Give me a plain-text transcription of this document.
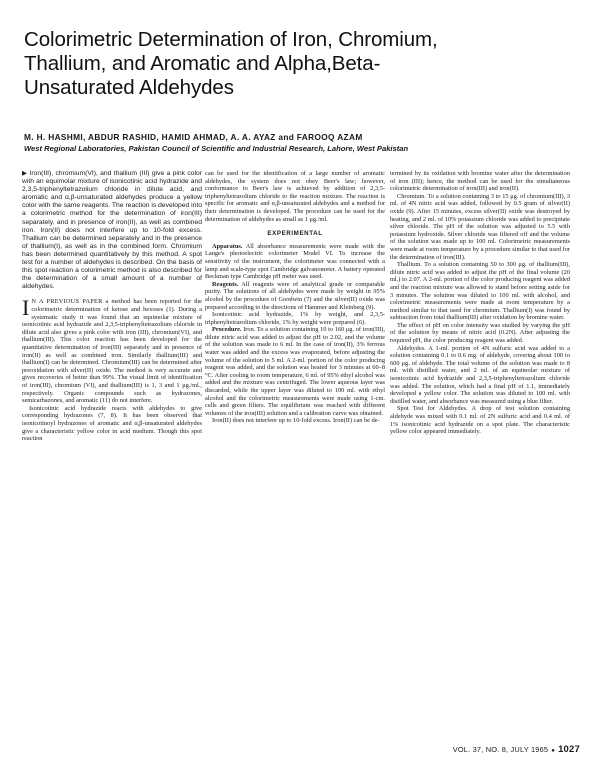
Colorimetric Determination of Iron, Chromium,
Thallium, and Aromatic and Alpha,Beta-
Unsaturated Aldehydes
M. H. HASHMI, ABDUR RASHID, HAMID AHMAD, A. A. AYAZ and FAROOQ AZAM
West Regional Laboratories, Pakistan Council of Scientific and Industrial Research, Lahore, West Pakistan

▶ Iron(III), chromium(VI), and thallium (III) give a pink color with an equimolar mixture of isonicotinic acid hydrazide and 2,3,5-triphenyltetrazolium chloride in dilute acid, and aromatic and α,β-unsaturated aldehydes produce a yellow color with the same reagents. The reaction is developed into a colorimetric method for the determination of iron(III) separately, and in presence of iron(II), as well as combined iron. Iron(II) does not interfere up to 10-fold excess. Thallium can be determined separately and in the presence of thallium(I), as well as in the combined form. Chromium has been determined quantitatively by this method. A spot test for a number of aldehydes is described. On the basis of this spot reaction a colorimetric method is also described for the determination of a small amount of a number of aldehydes.

I N A PREVIOUS PAPER a method has been reported for the colorimetric determination of ketose and hexoses (1). During a systematic study it was found that an equimolar mixture of isonicotinic acid hydrazide and 2,3,5-triphenyltetrazolium chloride in dilute acid also gives a pink color with iron (III), chromium(VI), and thallium(III). This color reaction has been developed for the quantitative determination of iron(III) separately and in presence of iron(II) as well as combined iron. Similarly thallium(III) and thallium(I) can be determined. Chromium(III) can be determined after preoxidation with silver(II) oxide. The method is very accurate and gives recoveries of better than 99%. The visual limit of identification of iron(III), chromium (VI), and thallium(III) is 1, 3 and 1 μg./ml., respectively. Organic compounds such as hydrazones, semicarbazones, and aromatic (11) do not interfere.

Isonicotinic acid hydrazide reacts with aldehydes to give corresponding hydrazones (7, 8). It has been observed that isonicotinoyl hydrazones of aromatic and α,β-unsaturated aldehydes give a characteristic yellow color in acid medium. Though this spot reaction

can be used for the identification of a large number of aromatic aldehydes, the system does not obey Beer's law; however, conformance to Beer's law is achieved by addition of 2,3,5-triphenyltetrazolium chloride to the reaction mixture. The reaction is specific for aromatic and α,β-unsaturated aldehydes and a method for their determination is developed. The procedure can be used for the determination of aldehydes as small as 1 μg./ml.

EXPERIMENTAL

Apparatus. All absorbance measurements were made with the Lange's photoelectric colorimeter Model VI. To increase the sensitivity of the instrument, the colorimeter was connected with a lamp and scale-type spot Cambridge galvanometer. A battery operated Beckman type Cambridge pH meter was used.

Reagents. All reagents were of analytical grade or comparable purity. The solutions of all aldehydes were made by weight in 95% alcohol by the procedure of Goodwin (7) and the silver(II) oxide was prepared according to the directions of Hammer and Kleinberg (9).

Isonicotinic acid hydrazide, 1% by weight, and 2,3,5-triphenyltetrazolium chloride, 1% by weight were prepared (6).

Procedure. Iron. To a solution containing 10 to 160 μg. of iron(III), dilute nitric acid was added to adjust the pH to 2.02, and the volume of the solution was made to 6 ml. In the case of iron(II), 3% ferrous water was added and the excess was evaporated, before adjusting the volume of the solution to 5 ml. A 2-ml. portion of the color producing reagent was added, and the solution was heated for 3 minutes at 60–8 °C. After cooling to room temperature, 6 ml. of 95% ethyl alcohol was added and the mixture was centrifuged. The lower aqueous layer was discarded, while the upper layer was diluted to 100 ml. with ethyl alcohol and the colorimetric measurements were made using 1-cm. cells and green filters. The equilibrium was reached with different volumes of the iron(III) solution and a calibration curve was obtained.

Iron(II) does not interfere up to 10-fold excess. Iron(II) can be de-

termined by its oxidation with bromine water after the determination of iron (III); hence, the method can be used for the simultaneous colorimetric determination of iron(III) and iron(II).

Chromium. To a solution containing 3 to 15 μg. of chromium(III), 3 ml. of 4N nitric acid was added, followed by 0.5 gram of silver(II) oxide (9). After 15 minutes, excess silver(II) oxide was destroyed by heating, and 2 ml. of 10% potassium chloride was added to precipitate silver chloride. The pH of the solution was adjusted to 5.5 with potassium hydroxide. Silver chloride was filtered off and the volume of the solution was made up to 100 ml. Colorimetric measurements were made at room temperature by a procedure similar to that used for the determination of iron(III).

Thallium. To a solution containing 50 to 300 μg. of thallium(III), dilute nitric acid was added to adjust the pH of the final volume (20 ml.) to 2.07. A 2-ml. portion of the color producing reagent was added and the reaction mixture was allowed to stand before setting aside for 3 minutes. The solution was diluted to 100 ml. with alcohol, and colorimetric measurements were made at room temperature by a method similar to that used for chromium. Thallium(I) was found by subtraction from total thallium(III) after oxidation by bromine water.

The effect of pH on color intensity was studied by varying the pH of the solution by means of nitric acid (0.2N). After adjusting the required pH, the color producing reagent was added.

Aldehydes. A 1-ml. portion of 4N sulfuric acid was added to a solution containing 0.1 to 0.6 mg. of aldehyde, covering about 100 to 600 μg. of aldehyde. The total volume of the solution was made to 8 ml. with distilled water, and 2 ml. of an equimolar mixture of isonicotinic acid hydrazide and 2,3,5-triphenyltetrazolium chloride was added. The solution, which had a final pH of 1.1, immediately developed a yellow color. The solution was diluted to 100 ml. with distilled water, and absorbance was measured using a blue filter.

Spot Test for Aldehydes. A drop of test solution containing aldehyde was mixed with 0.1 ml. of 2N sulfuric acid and 0.4 ml. of 1% isonicotinic acid hydrazide on a spot plate. The characteristic yellow color appeared immediately.

VOL. 37, NO. 8, JULY 1965 ● 1027
